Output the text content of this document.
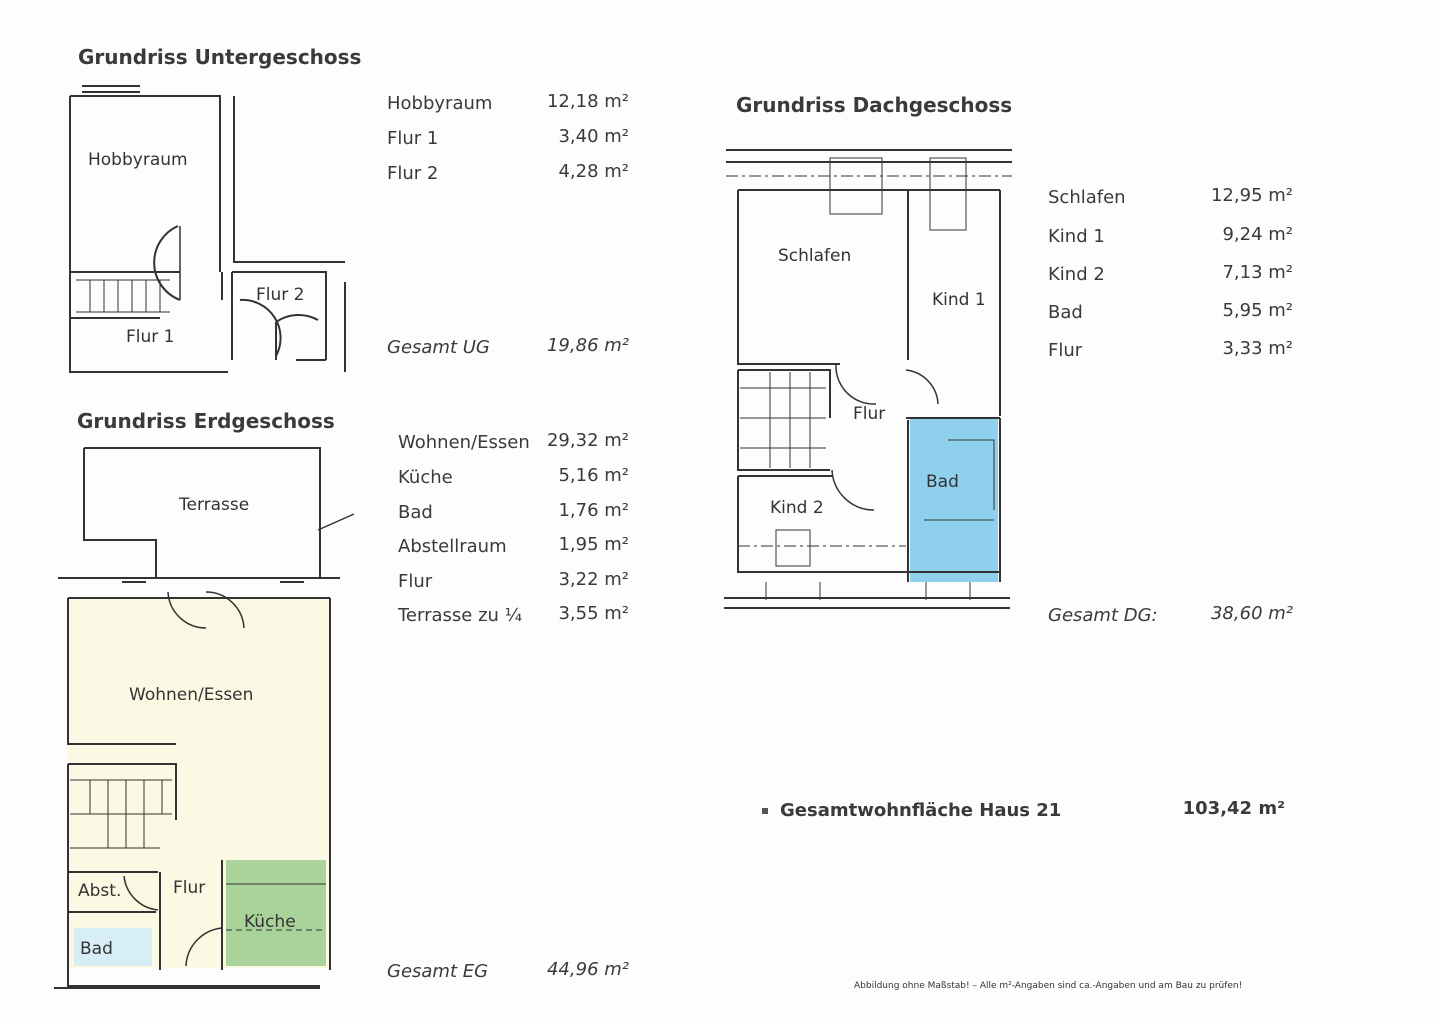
Grundriss Untergeschoss
Grundriss Erdgeschoss
Grundriss Dachgeschoss
Hobbyraum
Flur 2
Flur 1
Terrasse
Wohnen/Essen
Abst.	Flur
Bad
Küche
Schlafen
Kind 1
Flur
Bad
Kind 2
Hobbyraum	12,18 m²
Flur 1	3,40 m²
Flur 2	4,28 m²
Gesamt UG	19,86 m²
Wohnen/Essen 29,32 m²
Küche	5,16 m²
Bad	1,76 m²
Abstellraum	1,95 m²
Flur	3,22 m²
Terrasse zu ¼ 3,55 m²
Gesamt EG	44,96 m²
Schlafen	12,95 m²
Kind 1	9,24 m²
Kind 2	7,13 m²
Bad	5,95 m²
Flur	3,33 m²
Gesamt DG:	38,60 m²
Gesamtwohnfläche Haus 21	103,42 m²
Abbildung ohne Maßstab! – Alle m²-Angaben sind ca.-Angaben und am Bau zu prüfen!
